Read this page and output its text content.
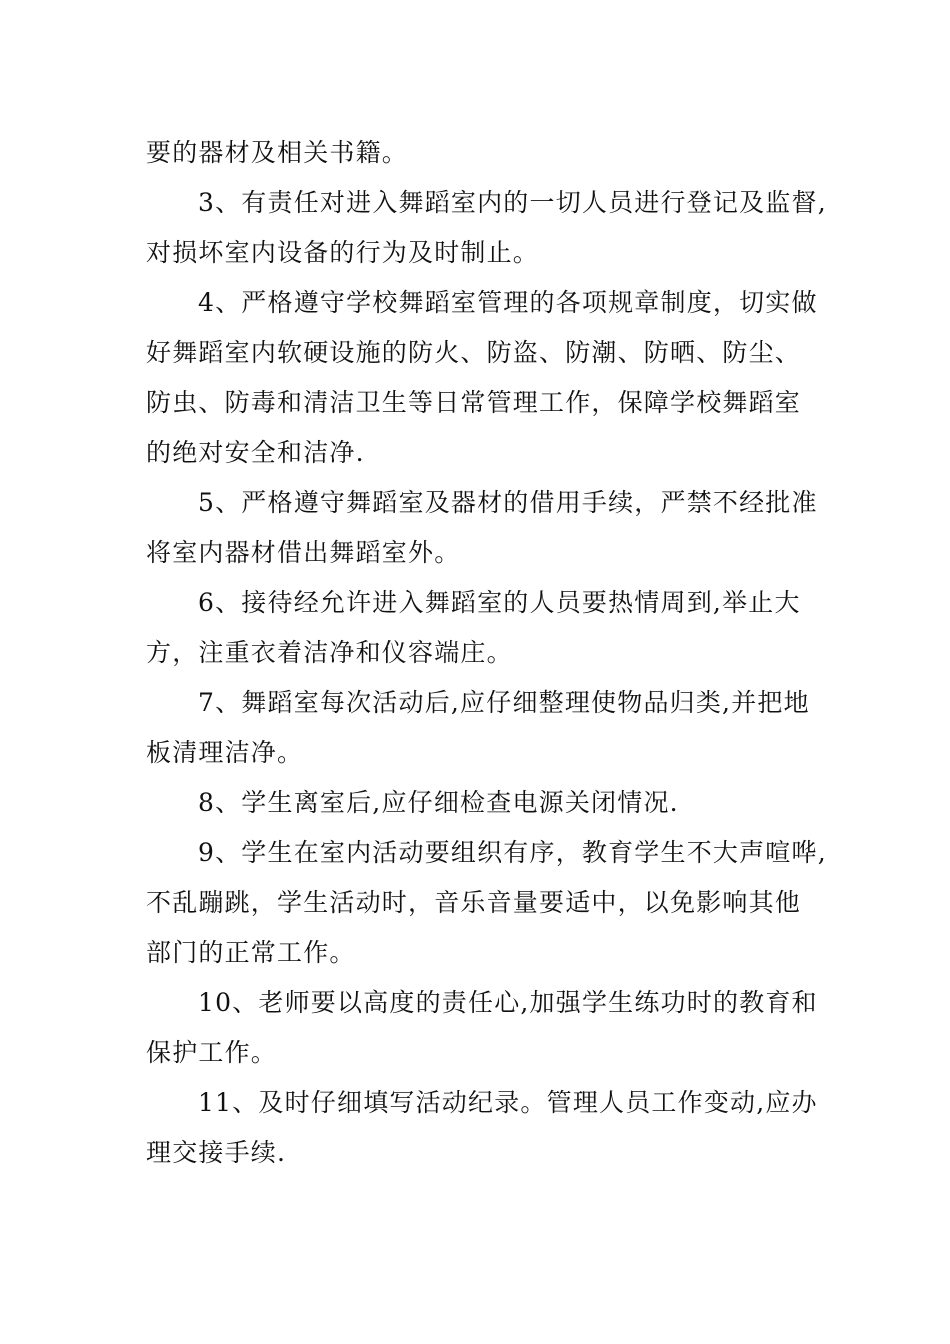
要的器材及相关书籍。
3、有责任对进入舞蹈室内的一切人员进行登记及监督,
对损坏室内设备的行为及时制止。
4、严格遵守学校舞蹈室管理的各项规章制度，切实做
好舞蹈室内软硬设施的防火、防盗、防潮、防晒、防尘、
防虫、防毒和清洁卫生等日常管理工作，保障学校舞蹈室
的绝对安全和洁净.
5、严格遵守舞蹈室及器材的借用手续，严禁不经批准
将室内器材借出舞蹈室外。
6、接待经允许进入舞蹈室的人员要热情周到,举止大
方，注重衣着洁净和仪容端庄。
7、舞蹈室每次活动后,应仔细整理使物品归类,并把地
板清理洁净。
8、学生离室后,应仔细检查电源关闭情况.
9、学生在室内活动要组织有序，教育学生不大声喧哗,
不乱蹦跳，学生活动时，音乐音量要适中，以免影响其他
部门的正常工作。
10、老师要以高度的责任心,加强学生练功时的教育和
保护工作。
11、及时仔细填写活动纪录。管理人员工作变动,应办
理交接手续.
